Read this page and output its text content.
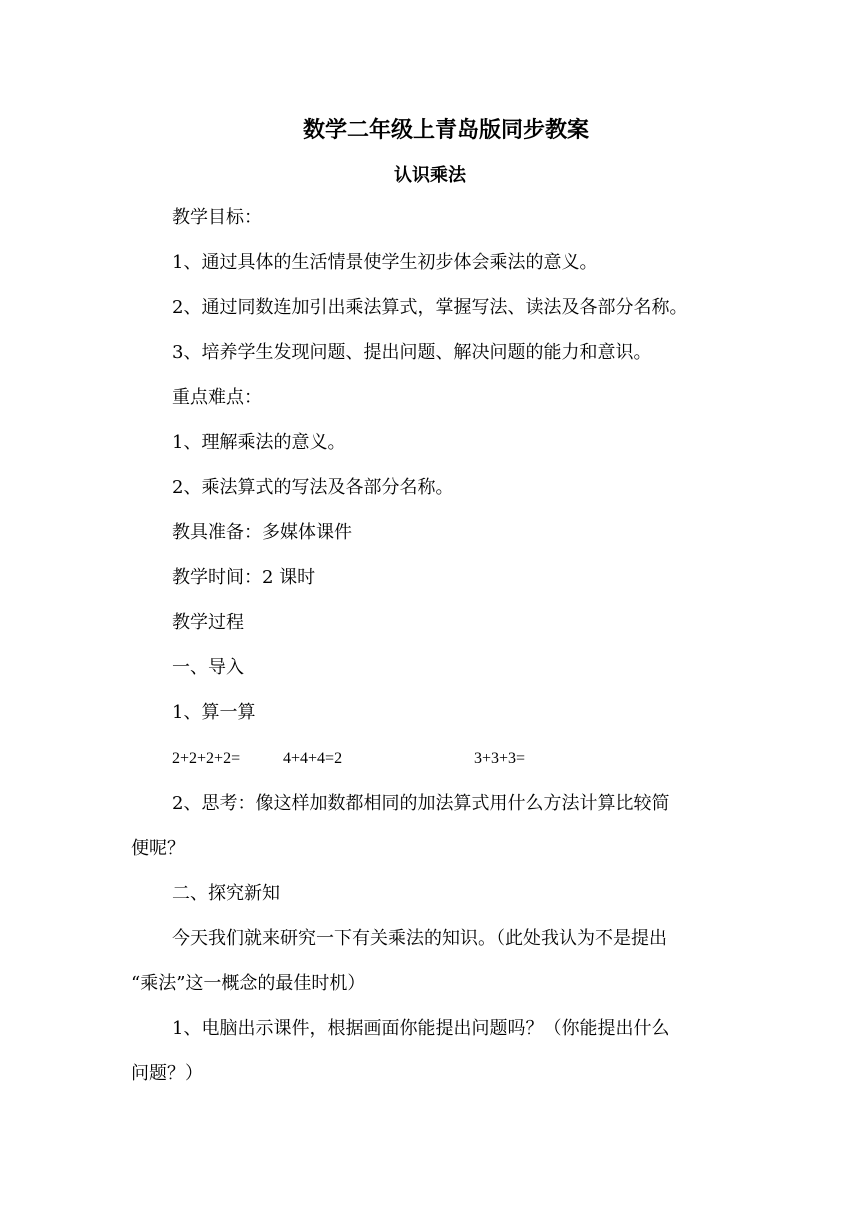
数学二年级上青岛版同步教案
认识乘法
教学目标：
1、通过具体的生活情景使学生初步体会乘法的意义。
2、通过同数连加引出乘法算式，掌握写法、读法及各部分名称。
3、培养学生发现问题、提出问题、解决问题的能力和意识。
重点难点：
1、理解乘法的意义。
2、乘法算式的写法及各部分名称。
教具准备：多媒体课件
教学时间：2 课时
教学过程
一、导入
1、算一算
2+2+2+2=	4+4+4=2	3+3+3=
2、思考：像这样加数都相同的加法算式用什么方法计算比较简
便呢？
二、探究新知
今天我们就来研究一下有关乘法的知识。（此处我认为不是提出
“乘法”这一概念的最佳时机）
1、电脑出示课件，根据画面你能提出问题吗？（你能提出什么
问题？）
